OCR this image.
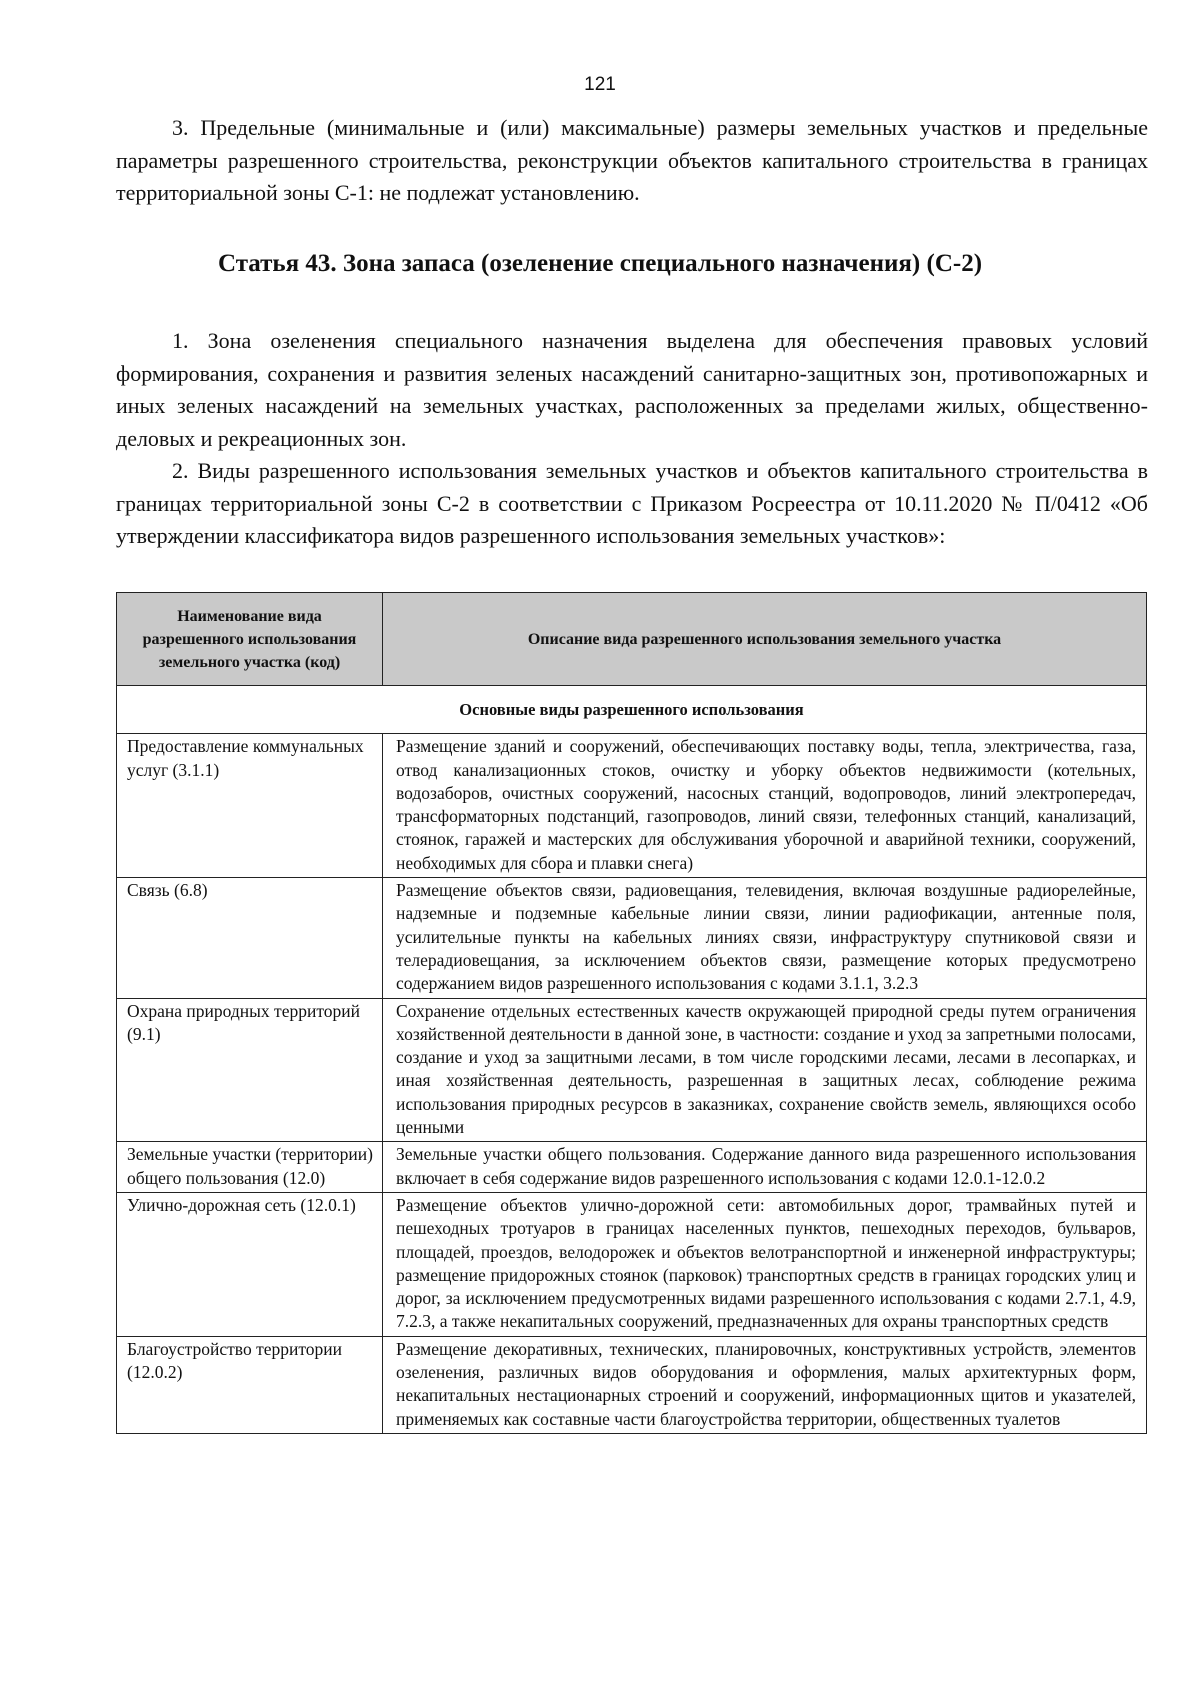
121

3. Предельные (минимальные и (или) максимальные) размеры земельных участков и предельные параметры разрешенного строительства, реконструкции объектов капитального строительства в границах территориальной зоны С-1: не подлежат установлению.

Статья 43. Зона запаса (озеленение специального назначения) (С-2)

1. Зона озеленения специального назначения выделена для обеспечения правовых условий формирования, сохранения и развития зеленых насаждений санитарно-защитных зон, противопожарных и иных зеленых насаждений на земельных участках, расположенных за пределами жилых, общественно-деловых и рекреационных зон.

2. Виды разрешенного использования земельных участков и объектов капитального строительства в границах территориальной зоны С-2 в соответствии с Приказом Росреестра от 10.11.2020 № П/0412 «Об утверждении классификатора видов разрешенного использования земельных участков»:

Наименование вида разрешенного использования земельного участка (код)	Описание вида разрешенного использования земельного участка
Основные виды разрешенного использования	
Предоставление коммунальных услуг (3.1.1)	Размещение зданий и сооружений, обеспечивающих поставку воды, тепла, электричества, газа, отвод канализационных стоков, очистку и уборку объектов недвижимости (котельных, водозаборов, очистных сооружений, насосных станций, водопроводов, линий электропередач, трансформаторных подстанций, газопроводов, линий связи, телефонных станций, канализаций, стоянок, гаражей и мастерских для обслуживания уборочной и аварийной техники, сооружений, необходимых для сбора и плавки снега)
Связь (6.8)	Размещение объектов связи, радиовещания, телевидения, включая воздушные радиорелейные, надземные и подземные кабельные линии связи, линии радиофикации, антенные поля, усилительные пункты на кабельных линиях связи, инфраструктуру спутниковой связи и телерадиовещания, за исключением объектов связи, размещение которых предусмотрено содержанием видов разрешенного использования с кодами 3.1.1, 3.2.3
Охрана природных территорий (9.1)	Сохранение отдельных естественных качеств окружающей природной среды путем ограничения хозяйственной деятельности в данной зоне, в частности: создание и уход за запретными полосами, создание и уход за защитными лесами, в том числе городскими лесами, лесами в лесопарках, и иная хозяйственная деятельность, разрешенная в защитных лесах, соблюдение режима использования природных ресурсов в заказниках, сохранение свойств земель, являющихся особо ценными
Земельные участки (территории) общего пользования (12.0)	Земельные участки общего пользования. Содержание данного вида разрешенного использования включает в себя содержание видов разрешенного использования с кодами 12.0.1-12.0.2
Улично-дорожная сеть (12.0.1)	Размещение объектов улично-дорожной сети: автомобильных дорог, трамвайных путей и пешеходных тротуаров в границах населенных пунктов, пешеходных переходов, бульваров, площадей, проездов, велодорожек и объектов велотранспортной и инженерной инфраструктуры; размещение придорожных стоянок (парковок) транспортных средств в границах городских улиц и дорог, за исключением предусмотренных видами разрешенного использования с кодами 2.7.1, 4.9, 7.2.3, а также некапитальных сооружений, предназначенных для охраны транспортных средств
Благоустройство территории (12.0.2)	Размещение декоративных, технических, планировочных, конструктивных устройств, элементов озеленения, различных видов оборудования и оформления, малых архитектурных форм, некапитальных нестационарных строений и сооружений, информационных щитов и указателей, применяемых как составные части благоустройства территории, общественных туалетов
